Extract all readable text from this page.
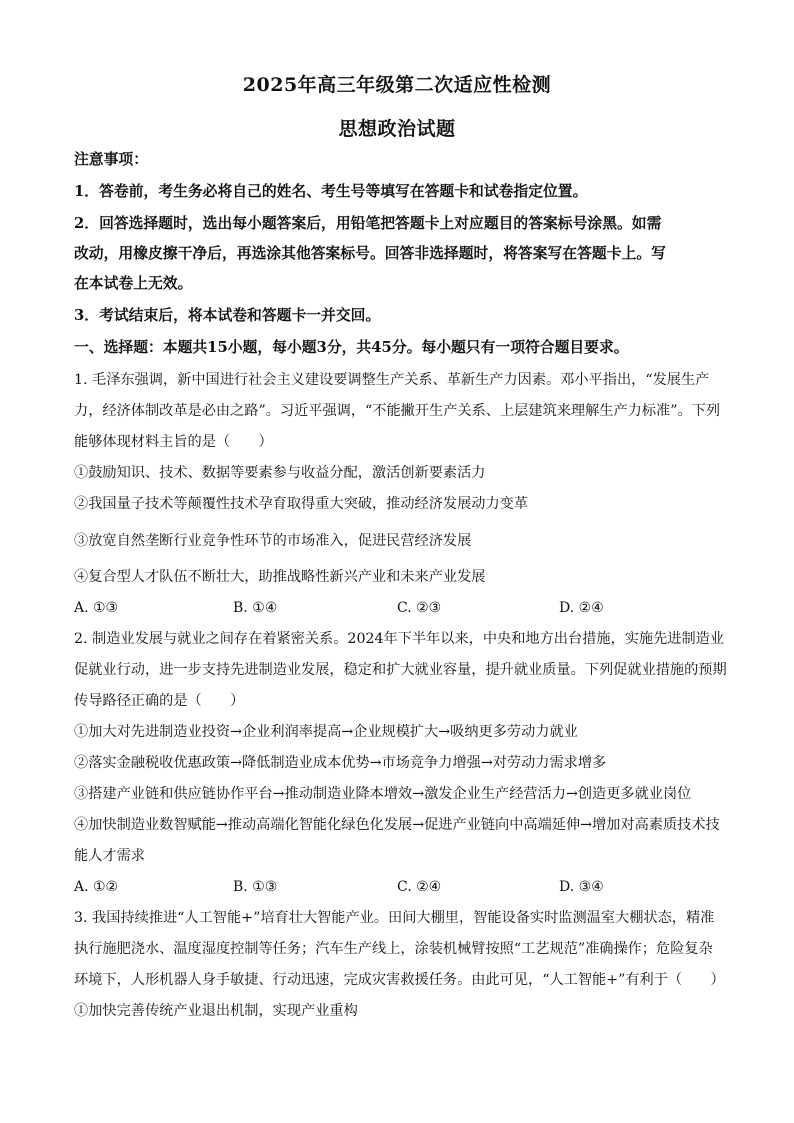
2025年高三年级第二次适应性检测
思想政治试题
注意事项：
1．答卷前，考生务必将自己的姓名、考生号等填写在答题卡和试卷指定位置。
2．回答选择题时，选出每小题答案后，用铅笔把答题卡上对应题目的答案标号涂黑。如需
改动，用橡皮擦干净后，再选涂其他答案标号。回答非选择题时，将答案写在答题卡上。写
在本试卷上无效。
3．考试结束后，将本试卷和答题卡一并交回。
一、选择题：本题共15小题，每小题3分，共45分。每小题只有一项符合题目要求。
1. 毛泽东强调，新中国进行社会主义建设要调整生产关系、革新生产力因素。邓小平指出，“发展生产
力，经济体制改革是必由之路”。习近平强调，“不能撇开生产关系、上层建筑来理解生产力标准”。下列
能够体现材料主旨的是（　　）
①鼓励知识、技术、数据等要素参与收益分配，激活创新要素活力
②我国量子技术等颠覆性技术孕育取得重大突破，推动经济发展动力变革
③放宽自然垄断行业竞争性环节的市场准入，促进民营经济发展
④复合型人才队伍不断壮大，助推战略性新兴产业和未来产业发展
A. ①③	B. ①④	C. ②③	D. ②④
2. 制造业发展与就业之间存在着紧密关系。2024年下半年以来，中央和地方出台措施，实施先进制造业
促就业行动，进一步支持先进制造业发展，稳定和扩大就业容量，提升就业质量。下列促就业措施的预期
传导路径正确的是（　　）
①加大对先进制造业投资→企业利润率提高→企业规模扩大→吸纳更多劳动力就业
②落实金融税收优惠政策→降低制造业成本优势→市场竞争力增强→对劳动力需求增多
③搭建产业链和供应链协作平台→推动制造业降本增效→激发企业生产经营活力→创造更多就业岗位
④加快制造业数智赋能→推动高端化智能化绿色化发展→促进产业链向中高端延伸→增加对高素质技术技
能人才需求
A. ①②	B. ①③	C. ②④	D. ③④
3. 我国持续推进“人工智能+”培育壮大智能产业。田间大棚里，智能设备实时监测温室大棚状态，精准
执行施肥浇水、温度湿度控制等任务；汽车生产线上，涂装机械臂按照“工艺规范”准确操作；危险复杂
环境下，人形机器人身手敏捷、行动迅速，完成灾害救援任务。由此可见，“人工智能+”有利于（　　）
①加快完善传统产业退出机制，实现产业重构
